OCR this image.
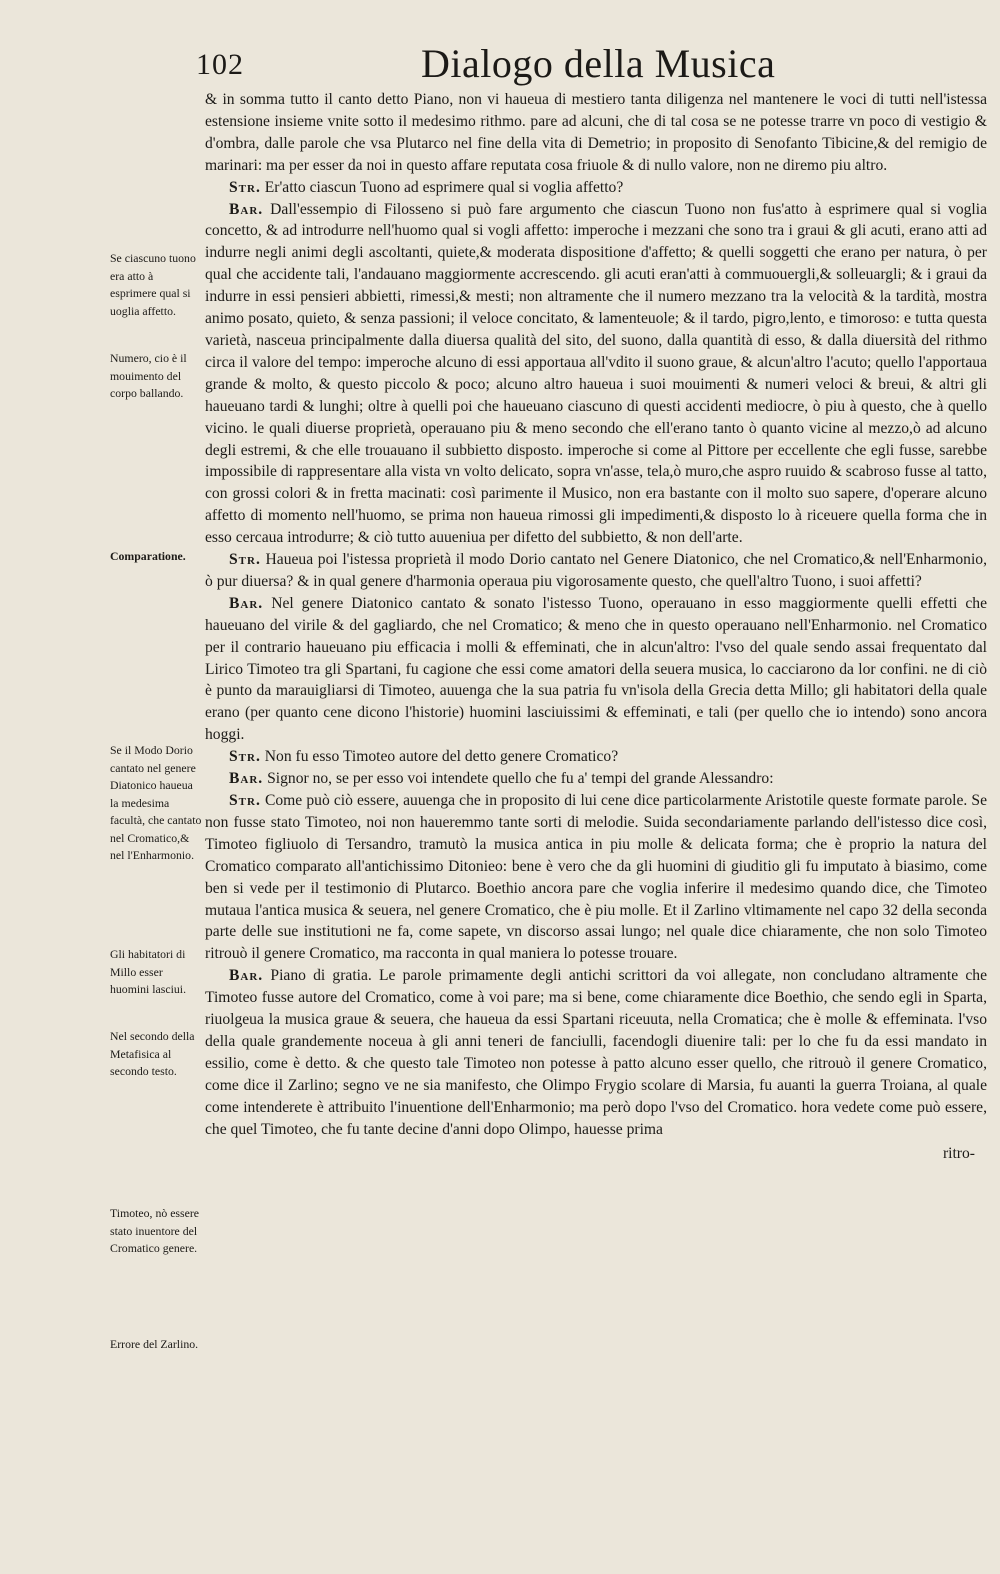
102	Dialogo della Musica

& in somma tutto il canto detto Piano, non vi haueua di mestiero tanta diligenza nel mantenere le voci di tutti nell'istessa estensione insieme vnite sotto il medesimo rithmo. pare ad alcuni, che di tal cosa se ne potesse trarre vn poco di vestigio & d'ombra, dalle parole che vsa Plutarco nel fine della vita di Demetrio; in proposito di Senofanto Tibicine,& del remigio de marinari: ma per esser da noi in questo affare reputata cosa friuole & di nullo valore, non ne diremo piu altro.

Str. Er'atto ciascun Tuono ad esprimere qual si voglia affetto?

Bar. Dall'essempio di Filosseno si può fare argumento che ciascun Tuono non fus'atto à esprimere qual si voglia concetto, & ad introdurre nell'huomo qual si vogli affetto: imperoche i mezzani che sono tra i graui & gli acuti, erano atti ad indurre negli animi degli ascoltanti, quiete,& moderata dispositione d'affetto; & quelli soggetti che erano per natura, ò per qual che accidente tali, l'andauano maggiormente accrescendo. gli acuti eran'atti à commuouergli,& solleuargli; & i graui da indurre in essi pensieri abbietti, rimessi,& mesti; non altramente che il numero mezzano tra la velocità & la tardità, mostra animo posato, quieto, & senza passioni; il veloce concitato, & lamenteuole; & il tardo, pigro,lento, e timoroso: e tutta questa varietà, nasceua principalmente dalla diuersa qualità del sito, del suono, dalla quantità di esso, & dalla diuersità del rithmo circa il valore del tempo: imperoche alcuno di essi apportaua all'vdito il suono graue, & alcun'altro l'acuto; quello l'apportaua grande & molto, & questo piccolo & poco; alcuno altro haueua i suoi mouimenti & numeri veloci & breui, & altri gli haueuano tardi & lunghi; oltre à quelli poi che haueuano ciascuno di questi accidenti mediocre, ò piu à questo, che à quello vicino. le quali diuerse proprietà, operauano piu & meno secondo che ell'erano tanto ò quanto vicine al mezzo,ò ad alcuno degli estremi, & che elle trouauano il subbietto disposto. imperoche si come al Pittore per eccellente che egli fusse, sarebbe impossibile di rappresentare alla vista vn volto delicato, sopra vn'asse, tela,ò muro,che aspro ruuido & scabroso fusse al tatto, con grossi colori & in fretta macinati: così parimente il Musico, non era bastante con il molto suo sapere, d'operare alcuno affetto di momento nell'huomo, se prima non haueua rimossi gli impedimenti,& disposto lo à riceuere quella forma che in esso cercaua introdurre; & ciò tutto auueniua per difetto del subbietto, & non dell'arte.

Str. Haueua poi l'istessa proprietà il modo Dorio cantato nel Genere Diatonico, che nel Cromatico,& nell'Enharmonio, ò pur diuersa? & in qual genere d'harmonia operaua piu vigorosamente questo, che quell'altro Tuono, i suoi affetti?

Bar. Nel genere Diatonico cantato & sonato l'istesso Tuono, operauano in esso maggiormente quelli effetti che haueuano del virile & del gagliardo, che nel Cromatico; & meno che in questo operauano nell'Enharmonio. nel Cromatico per il contrario haueuano piu efficacia i molli & effeminati, che in alcun'altro: l'vso del quale sendo assai frequentato dal Lirico Timoteo tra gli Spartani, fu cagione che essi come amatori della seuera musica, lo cacciarono da lor confini. ne di ciò è punto da marauigliarsi di Timoteo, auuenga che la sua patria fu vn'isola della Grecia detta Millo; gli habitatori della quale erano (per quanto cene dicono l'historie) huomini lasciuissimi & effeminati, e tali (per quello che io intendo) sono ancora hoggi.

Str. Non fu esso Timoteo autore del detto genere Cromatico?

Bar. Signor no, se per esso voi intendete quello che fu a' tempi del grande Alessandro:

Str. Come può ciò essere, auuenga che in proposito di lui cene dice particolarmente Aristotile queste formate parole. Se non fusse stato Timoteo, noi non haueremmo tante sorti di melodie. Suida secondariamente parlando dell'istesso dice così, Timoteo figliuolo di Tersandro, tramutò la musica antica in piu molle & delicata forma; che è proprio la natura del Cromatico comparato all'antichissimo Ditonieo: bene è vero che da gli huomini di giuditio gli fu imputato à biasimo, come ben si vede per il testimonio di Plutarco. Boethio ancora pare che voglia inferire il medesimo quando dice, che Timoteo mutaua l'antica musica & seuera, nel genere Cromatico, che è piu molle. Et il Zarlino vltimamente nel capo 32 della seconda parte delle sue institutioni ne fa, come sapete, vn discorso assai lungo; nel quale dice chiaramente, che non solo Timoteo ritrouò il genere Cromatico, ma racconta in qual maniera lo potesse trouare.

Bar. Piano di gratia. Le parole primamente degli antichi scrittori da voi allegate, non concludano altramente che Timoteo fusse autore del Cromatico, come à voi pare; ma si bene, come chiaramente dice Boethio, che sendo egli in Sparta, riuolgeua la musica graue & seuera, che haueua da essi Spartani riceuuta, nella Cromatica; che è molle & effeminata. l'vso della quale grandemente noceua à gli anni teneri de fanciulli, facendogli diuenire tali: per lo che fu da essi mandato in essilio, come è detto. & che questo tale Timoteo non potesse à patto alcuno esser quello, che ritrouò il genere Cromatico, come dice il Zarlino; segno ve ne sia manifesto, che Olimpo Frygio scolare di Marsia, fu auanti la guerra Troiana, al quale come intenderete è attribuito l'inuentione dell'Enharmonio; ma però dopo l'vso del Cromatico. hora vedete come può essere, che quel Timoteo, che fu tante decine d'anni dopo Olimpo, hauesse prima

ritro-
Se ciascuno tuono era atto à esprimere qual si uoglia affetto.
Numero, cio è il mouimento del corpo ballando.
Comparatione.
Se il Modo Dorio cantato nel genere Diatonico haueua la medesima facultà, che cantato nel Cromatico,& nel l'Enharmonio.
Gli habitatori di Millo esser huomini lasciui.
Nel secondo della Metafisica al secondo testo.
Timoteo, nò essere stato inuentore del Cromatico genere.
Errore del Zarlino.
